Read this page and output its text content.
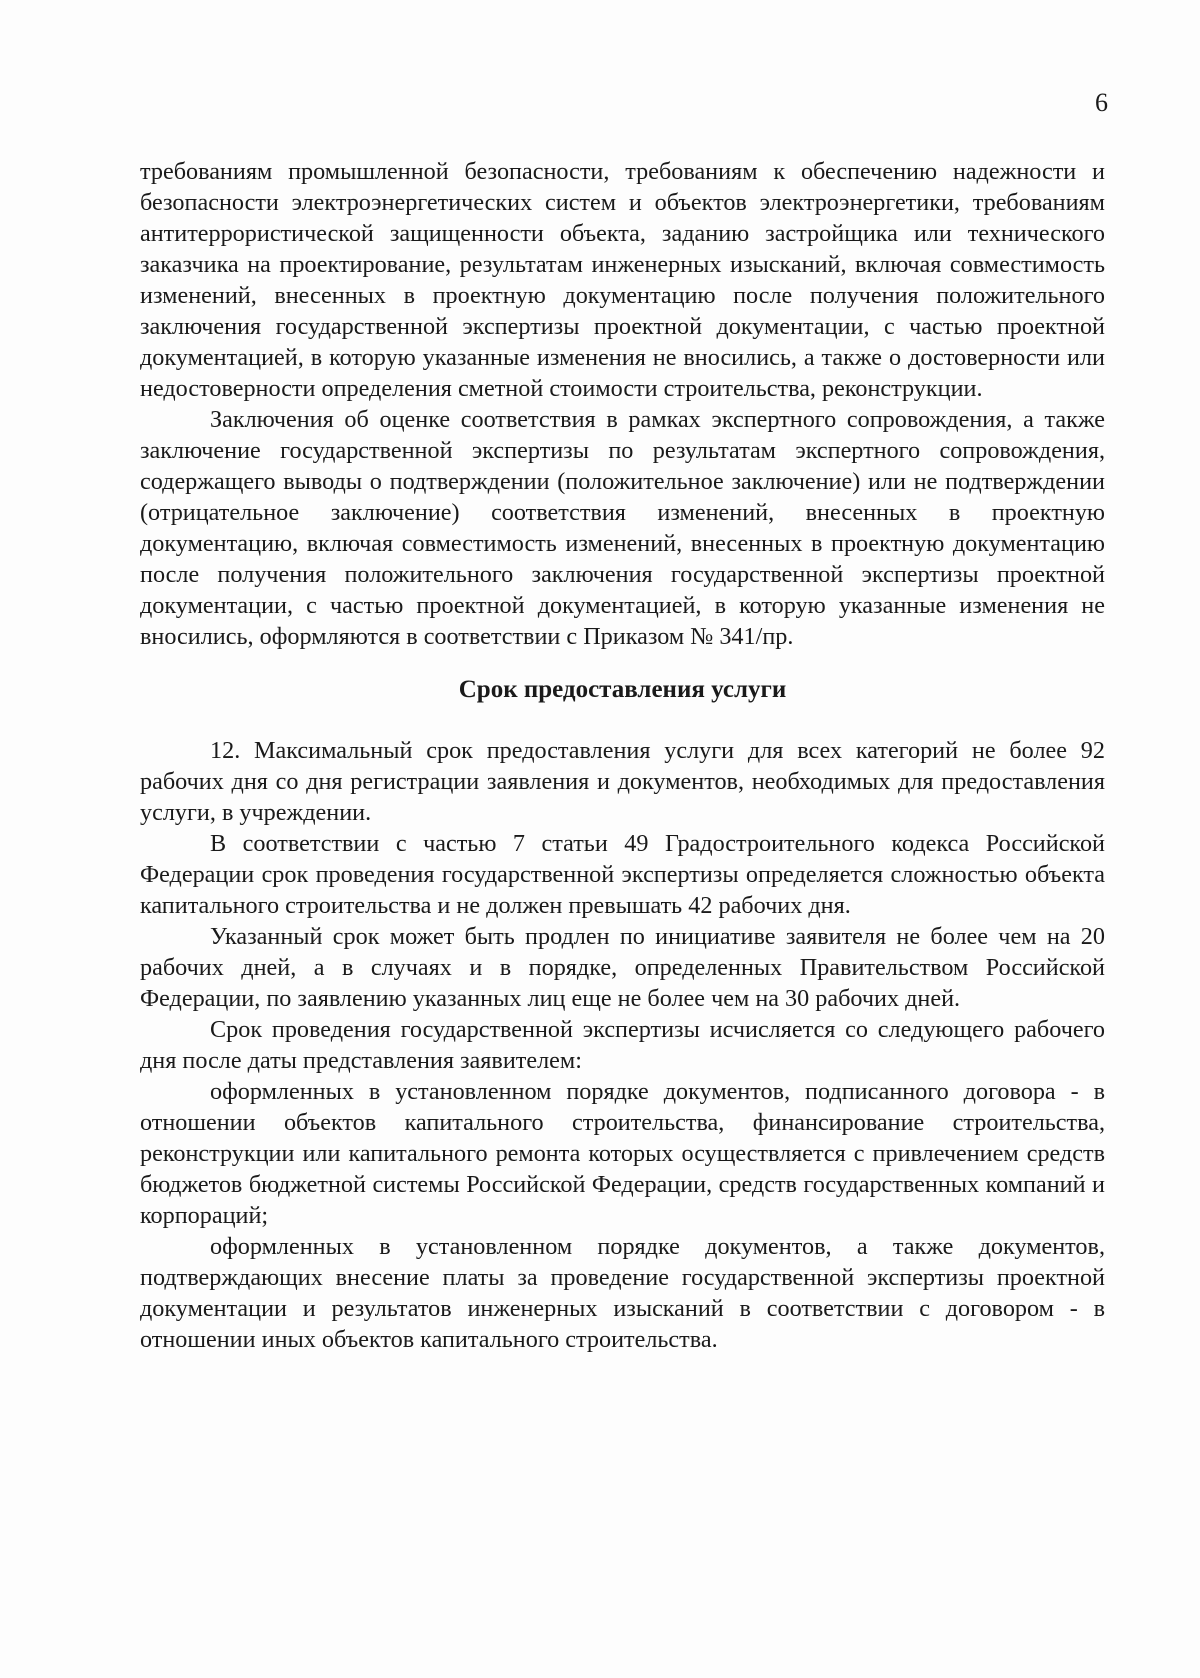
6

требованиям промышленной безопасности, требованиям к обеспечению надежности и безопасности электроэнергетических систем и объектов электроэнергетики, требованиям антитеррористической защищенности объекта, заданию застройщика или технического заказчика на проектирование, результатам инженерных изысканий, включая совместимость изменений, внесенных в проектную документацию после получения положительного заключения государственной экспертизы проектной документации, с частью проектной документацией, в которую указанные изменения не вносились, а также о достоверности или недостоверности определения сметной стоимости строительства, реконструкции.

Заключения об оценке соответствия в рамках экспертного сопровождения, а также заключение государственной экспертизы по результатам экспертного сопровождения, содержащего выводы о подтверждении (положительное заключение) или не подтверждении (отрицательное заключение) соответствия изменений, внесенных в проектную документацию, включая совместимость изменений, внесенных в проектную документацию после получения положительного заключения государственной экспертизы проектной документации, с частью проектной документацией, в которую указанные изменения не вносились, оформляются в соответствии с Приказом № 341/пр.

Срок предоставления услуги

12. Максимальный срок предоставления услуги для всех категорий не более 92 рабочих дня со дня регистрации заявления и документов, необходимых для предоставления услуги, в учреждении.

В соответствии с частью 7 статьи 49 Градостроительного кодекса Российской Федерации срок проведения государственной экспертизы определяется сложностью объекта капитального строительства и не должен превышать 42 рабочих дня.

Указанный срок может быть продлен по инициативе заявителя не более чем на 20 рабочих дней, а в случаях и в порядке, определенных Правительством Российской Федерации, по заявлению указанных лиц еще не более чем на 30 рабочих дней.

Срок проведения государственной экспертизы исчисляется со следующего рабочего дня после даты представления заявителем:

оформленных в установленном порядке документов, подписанного договора - в отношении объектов капитального строительства, финансирование строительства, реконструкции или капитального ремонта которых осуществляется с привлечением средств бюджетов бюджетной системы Российской Федерации, средств государственных компаний и корпораций;

оформленных в установленном порядке документов, а также документов, подтверждающих внесение платы за проведение государственной экспертизы проектной документации и результатов инженерных изысканий в соответствии с договором - в отношении иных объектов капитального строительства.
